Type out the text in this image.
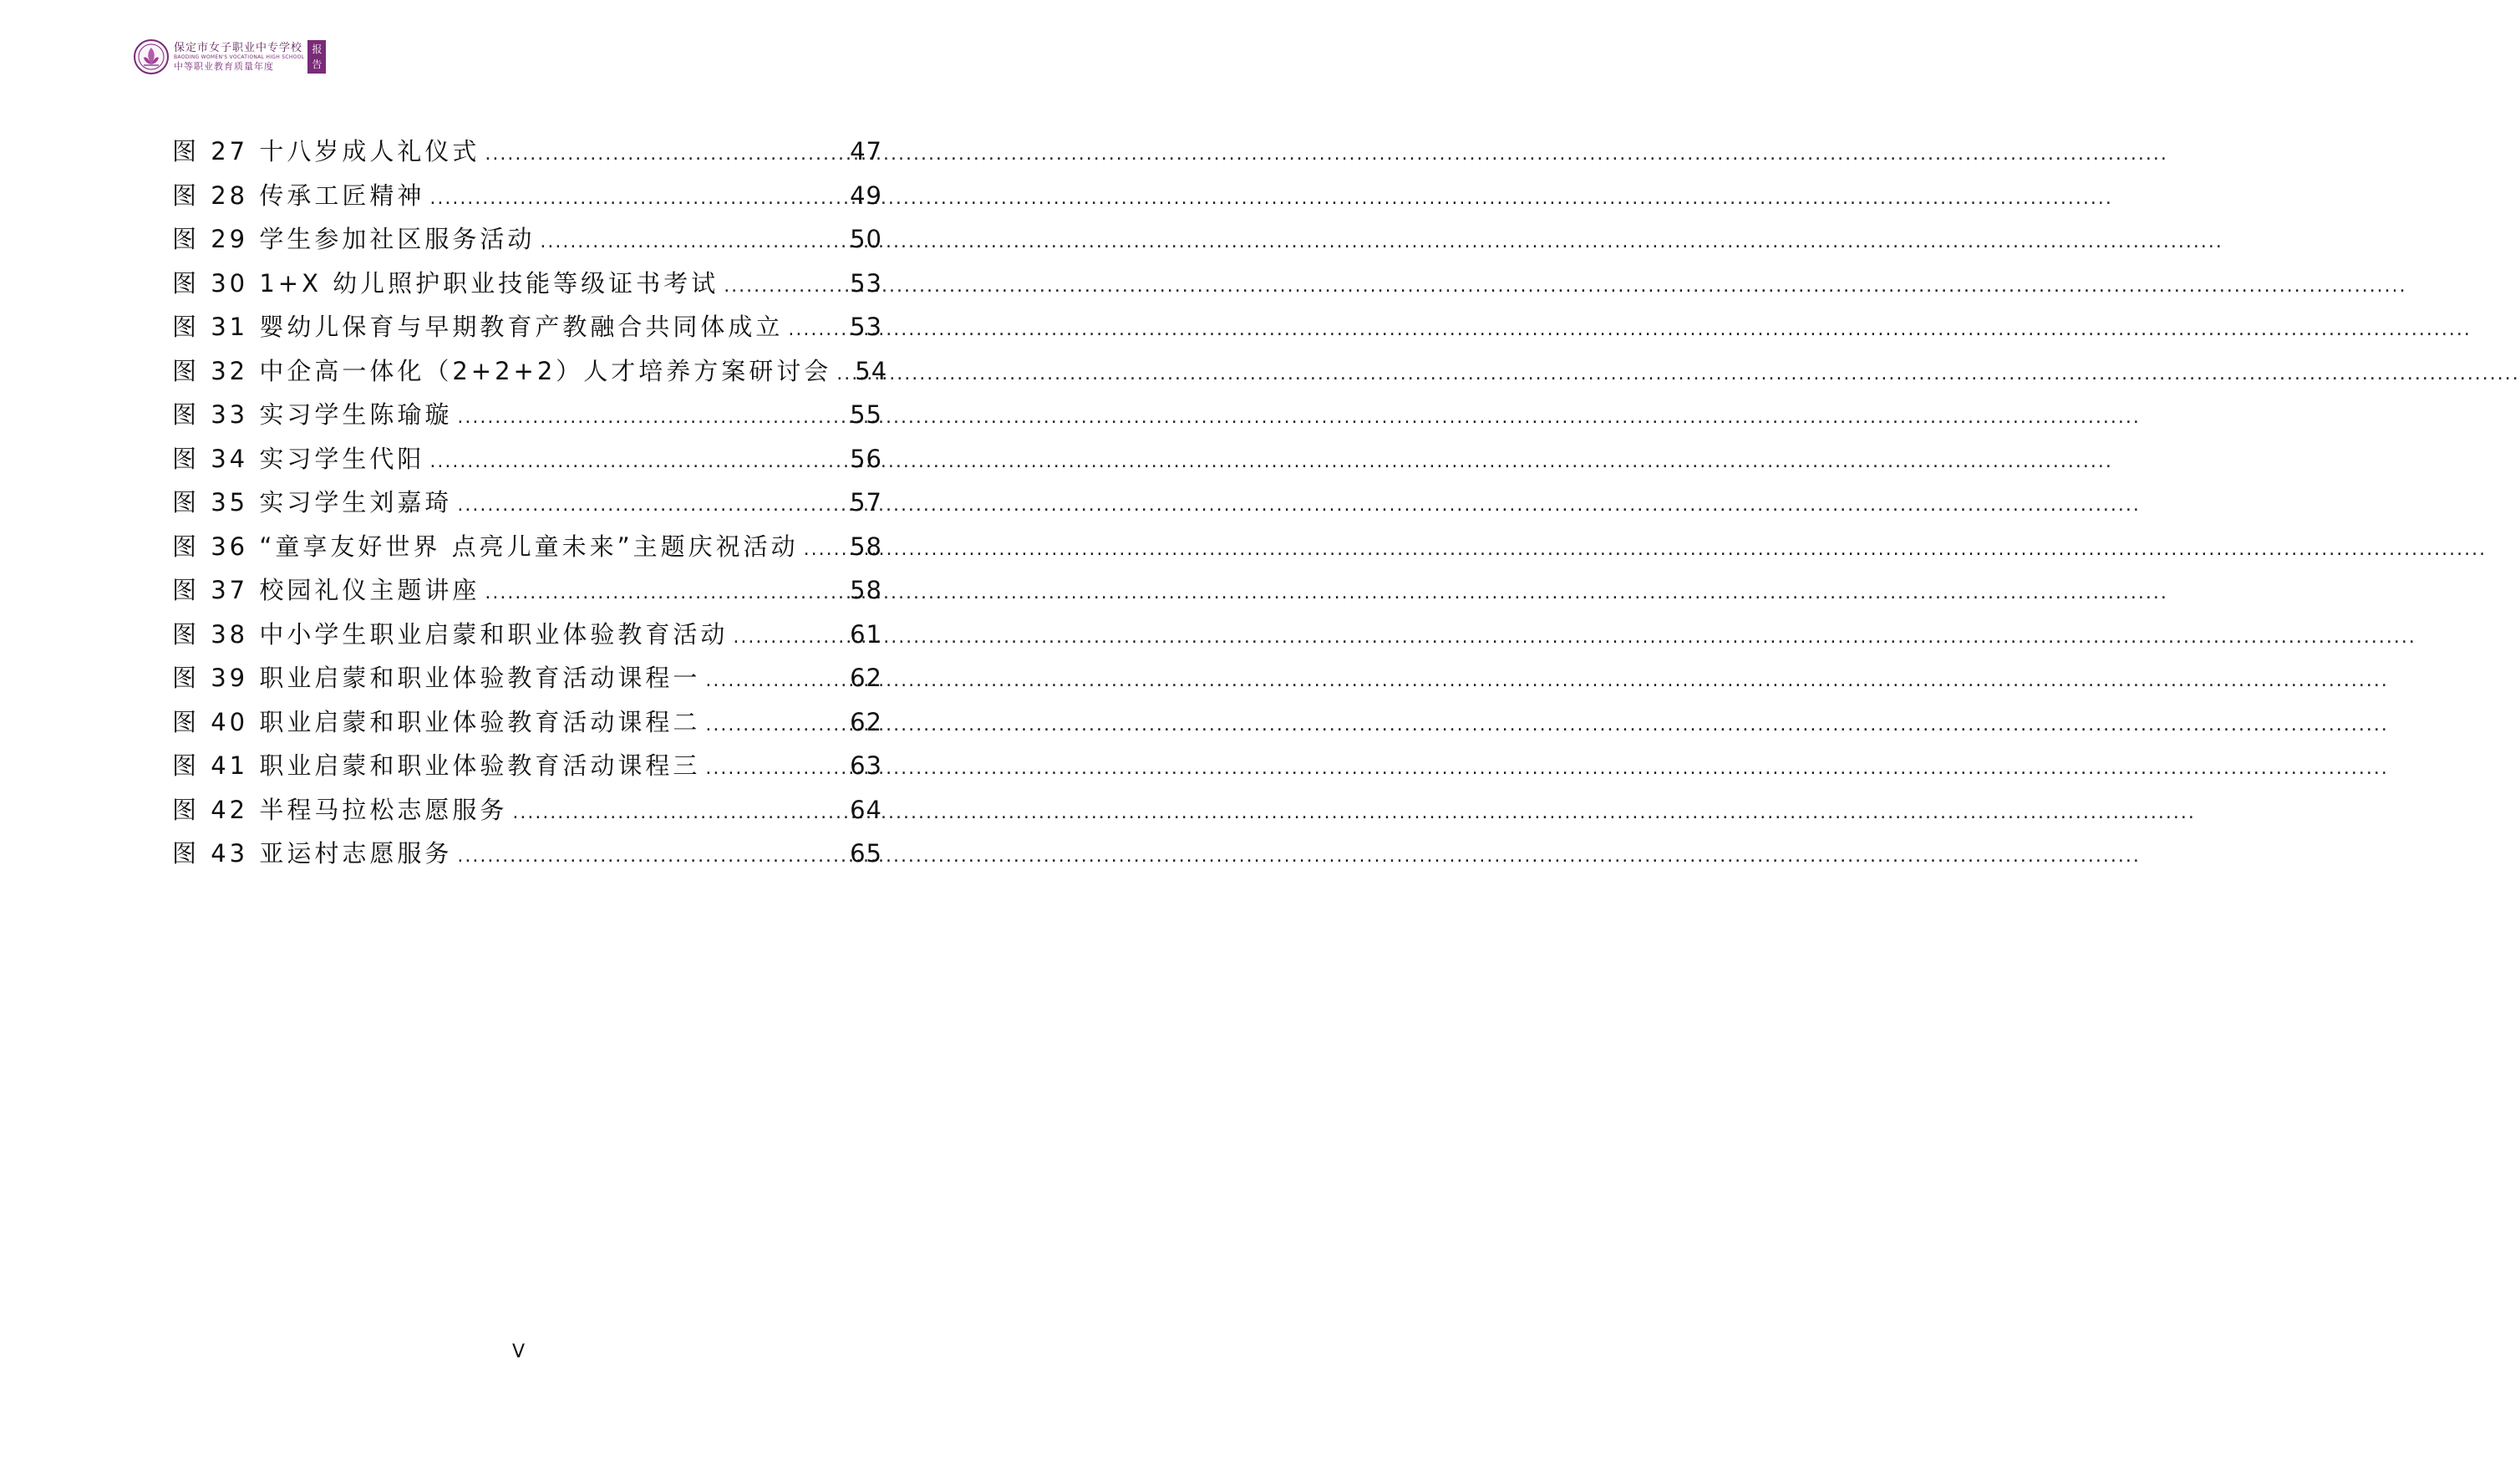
保定市女子职业中专学校
BAODING WOMEN'S VOCATIONAL HIGH SCHOOL
中等职业教育质量年度
报告
图 27 十八岁成人礼仪式 .....	47
图 28 传承工匠精神 .....	49
图 29 学生参加社区服务活动 .....	50
图 30 1+X 幼儿照护职业技能等级证书考试 .....	53
图 31 婴幼儿保育与早期教育产教融合共同体成立 .....	53
图 32 中企高一体化（2+2+2）人才培养方案研讨会 ..... 54
图 33 实习学生陈瑜璇 .....	55
图 34 实习学生代阳 .....	56
图 35 实习学生刘嘉琦 .....	57
图 36 “童享友好世界 点亮儿童未来”主题庆祝活动 ..... 58
图 37 校园礼仪主题讲座 .....	58
图 38 中小学生职业启蒙和职业体验教育活动 .....	61
图 39 职业启蒙和职业体验教育活动课程一 .....	62
图 40 职业启蒙和职业体验教育活动课程二 .....	62
图 41 职业启蒙和职业体验教育活动课程三 .....	63
图 42 半程马拉松志愿服务 .....	64
图 43 亚运村志愿服务 .....	65
V
